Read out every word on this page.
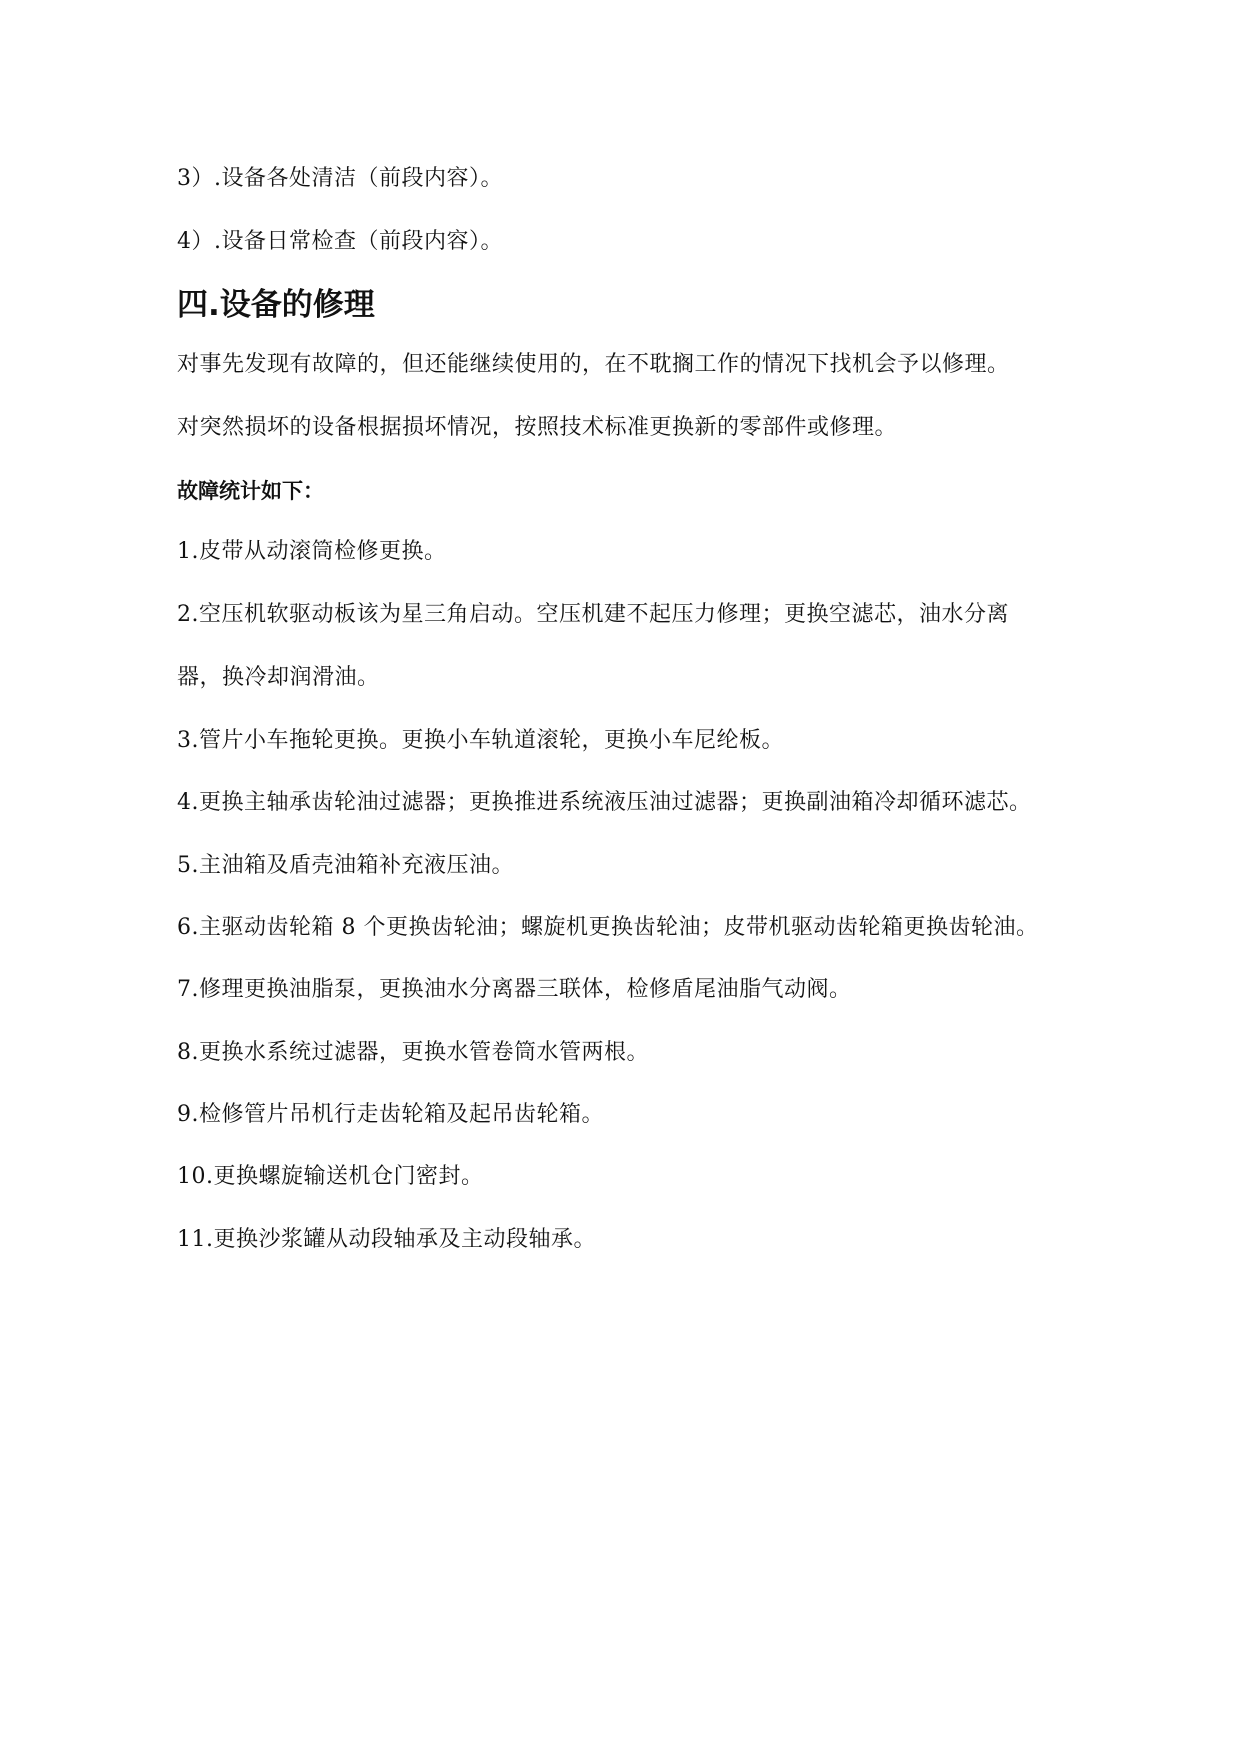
3）.设备各处清洁（前段内容）。
4）.设备日常检查（前段内容）。
四.设备的修理
对事先发现有故障的，但还能继续使用的，在不耽搁工作的情况下找机会予以修理。
对突然损坏的设备根据损坏情况，按照技术标准更换新的零部件或修理。
故障统计如下：
1.皮带从动滚筒检修更换。
2.空压机软驱动板该为星三角启动。空压机建不起压力修理；更换空滤芯，油水分离
器，换冷却润滑油。
3.管片小车拖轮更换。更换小车轨道滚轮，更换小车尼纶板。
4.更换主轴承齿轮油过滤器；更换推进系统液压油过滤器；更换副油箱冷却循环滤芯。
5.主油箱及盾壳油箱补充液压油。
6.主驱动齿轮箱 8 个更换齿轮油；螺旋机更换齿轮油；皮带机驱动齿轮箱更换齿轮油。
7.修理更换油脂泵，更换油水分离器三联体，检修盾尾油脂气动阀。
8.更换水系统过滤器，更换水管卷筒水管两根。
9.检修管片吊机行走齿轮箱及起吊齿轮箱。
10.更换螺旋输送机仓门密封。
11.更换沙浆罐从动段轴承及主动段轴承。
